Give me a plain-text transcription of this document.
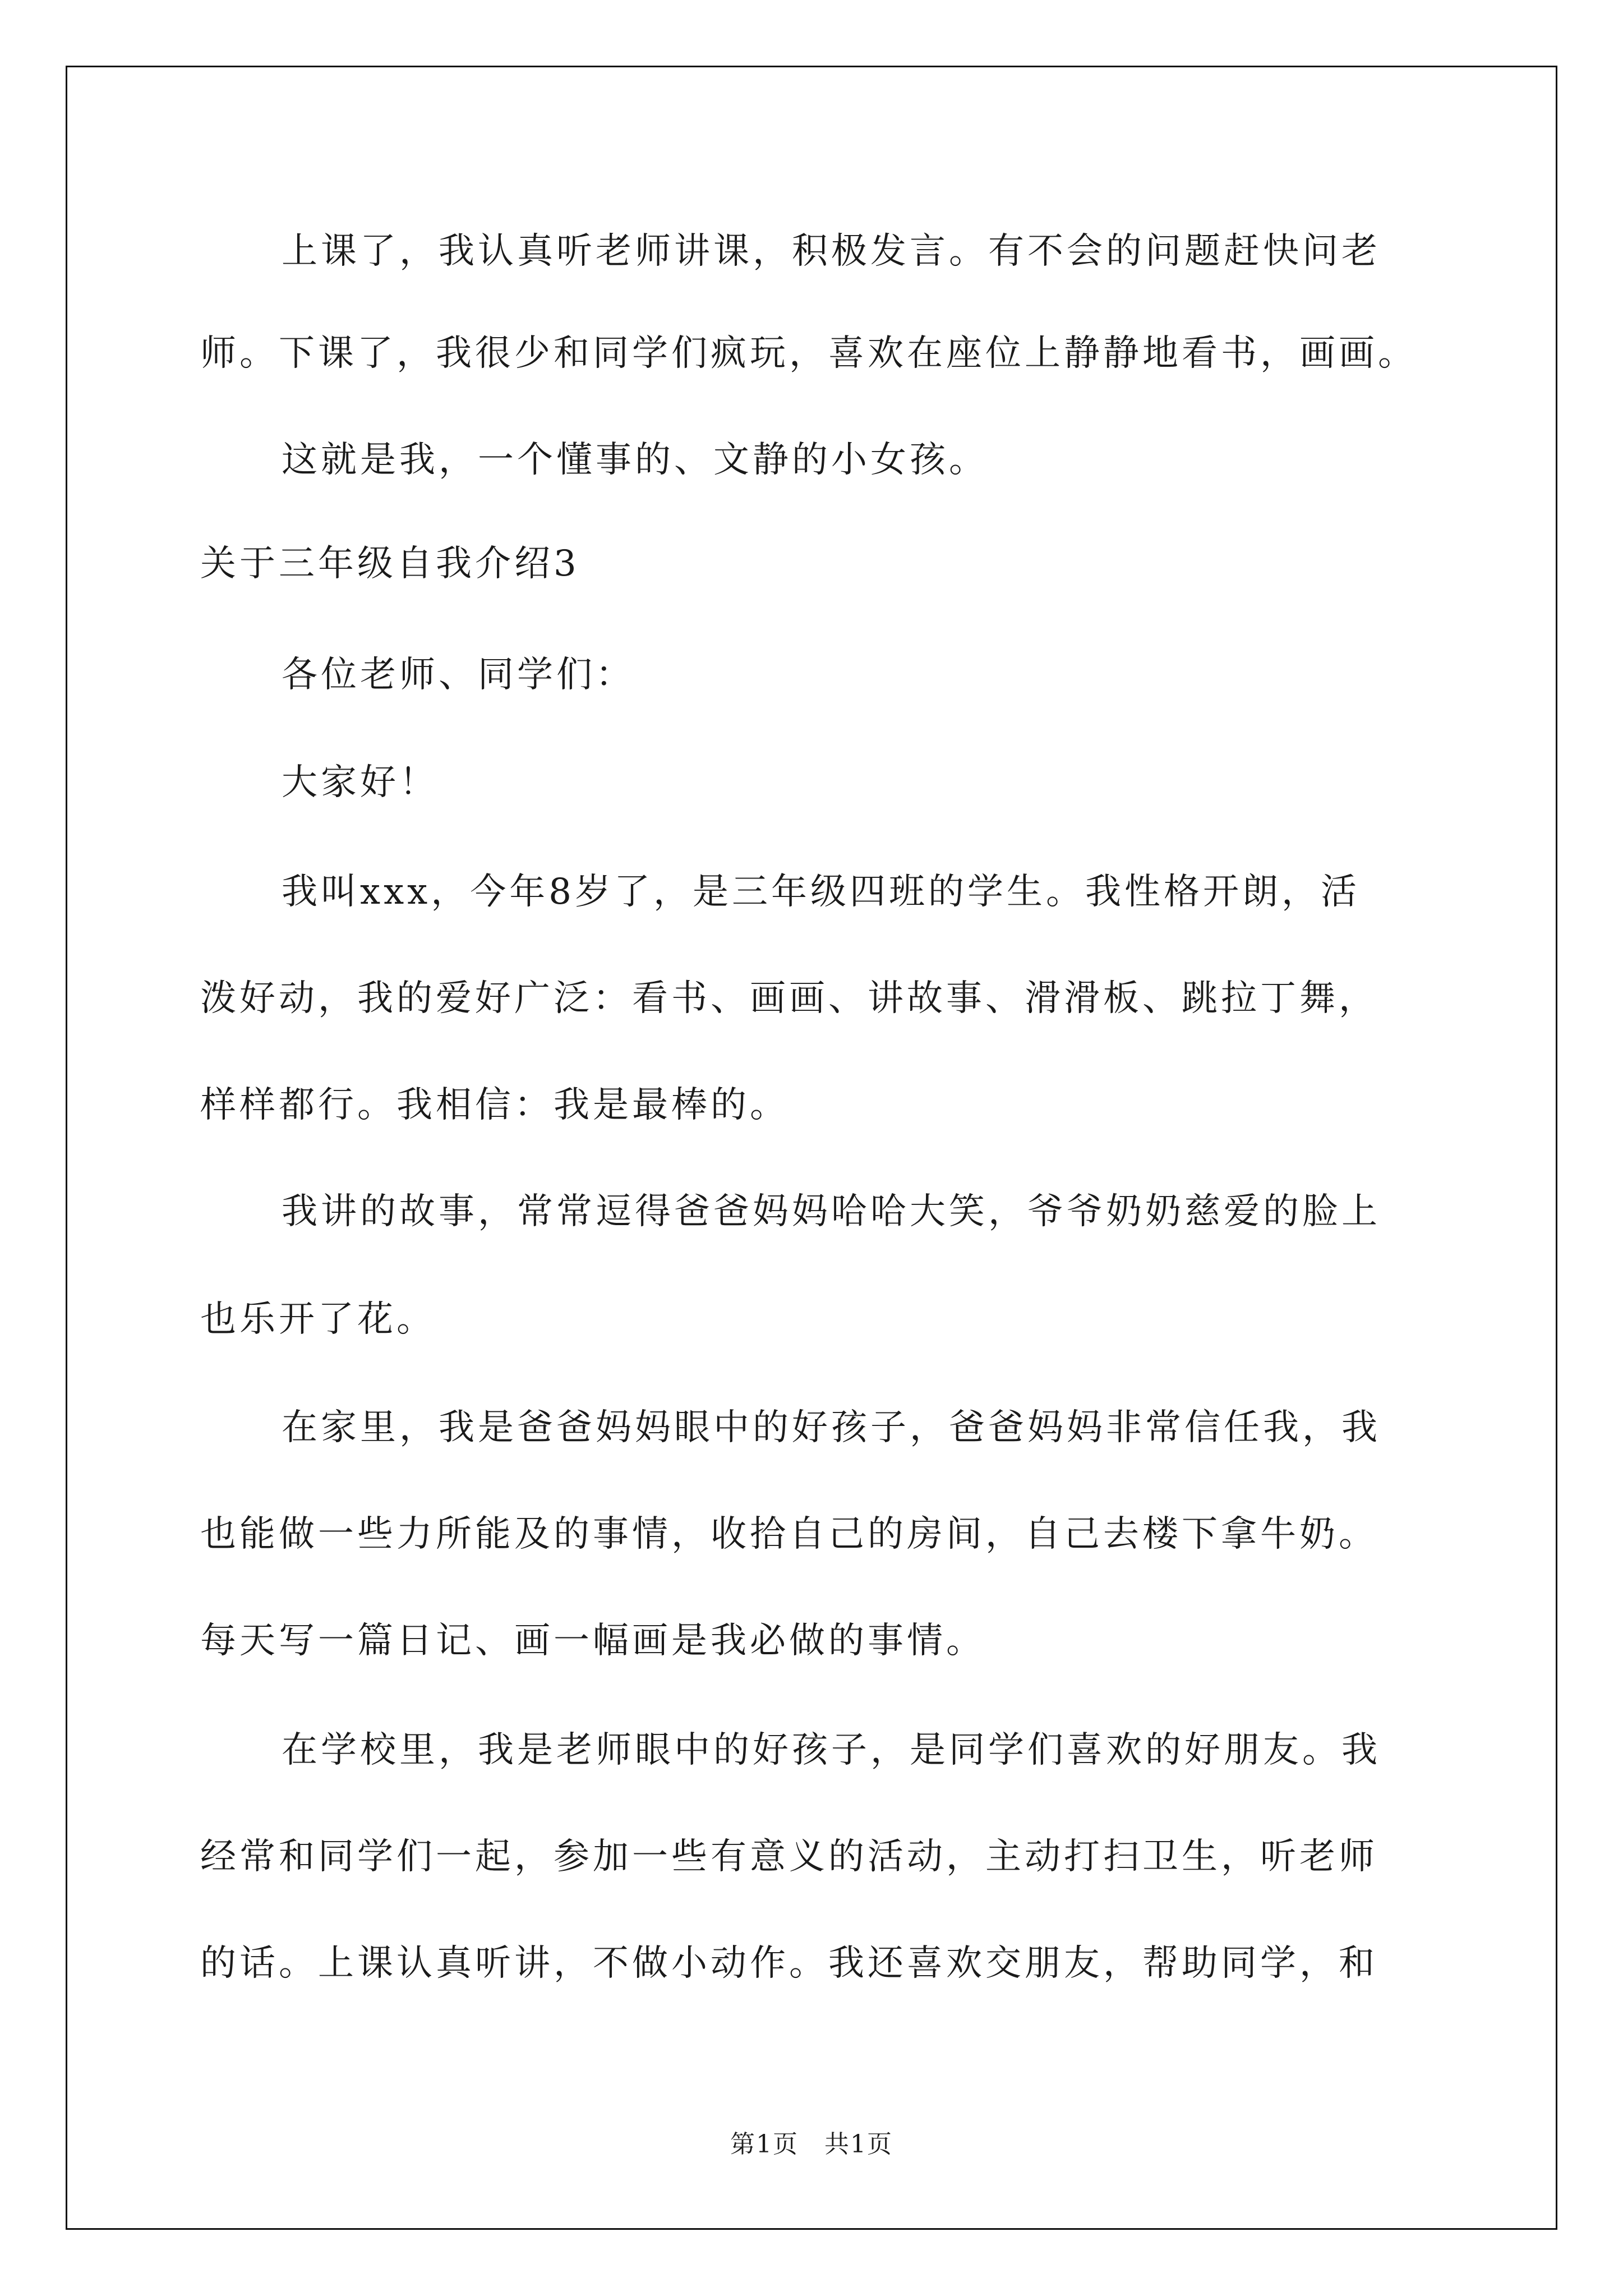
上课了，我认真听老师讲课，积极发言。有不会的问题赶快问老
师。下课了，我很少和同学们疯玩，喜欢在座位上静静地看书，画画。
这就是我，一个懂事的、文静的小女孩。
关于三年级自我介绍3
各位老师、同学们：
大家好！
我叫xxx，今年8岁了，是三年级四班的学生。我性格开朗，活
泼好动，我的爱好广泛：看书、画画、讲故事、滑滑板、跳拉丁舞，
样样都行。我相信：我是最棒的。
我讲的故事，常常逗得爸爸妈妈哈哈大笑，爷爷奶奶慈爱的脸上
也乐开了花。
在家里，我是爸爸妈妈眼中的好孩子，爸爸妈妈非常信任我，我
也能做一些力所能及的事情，收拾自己的房间，自己去楼下拿牛奶。
每天写一篇日记、画一幅画是我必做的事情。
在学校里，我是老师眼中的好孩子，是同学们喜欢的好朋友。我
经常和同学们一起，参加一些有意义的活动，主动打扫卫生，听老师
的话。上课认真听讲，不做小动作。我还喜欢交朋友，帮助同学，和
第1页　共1页
